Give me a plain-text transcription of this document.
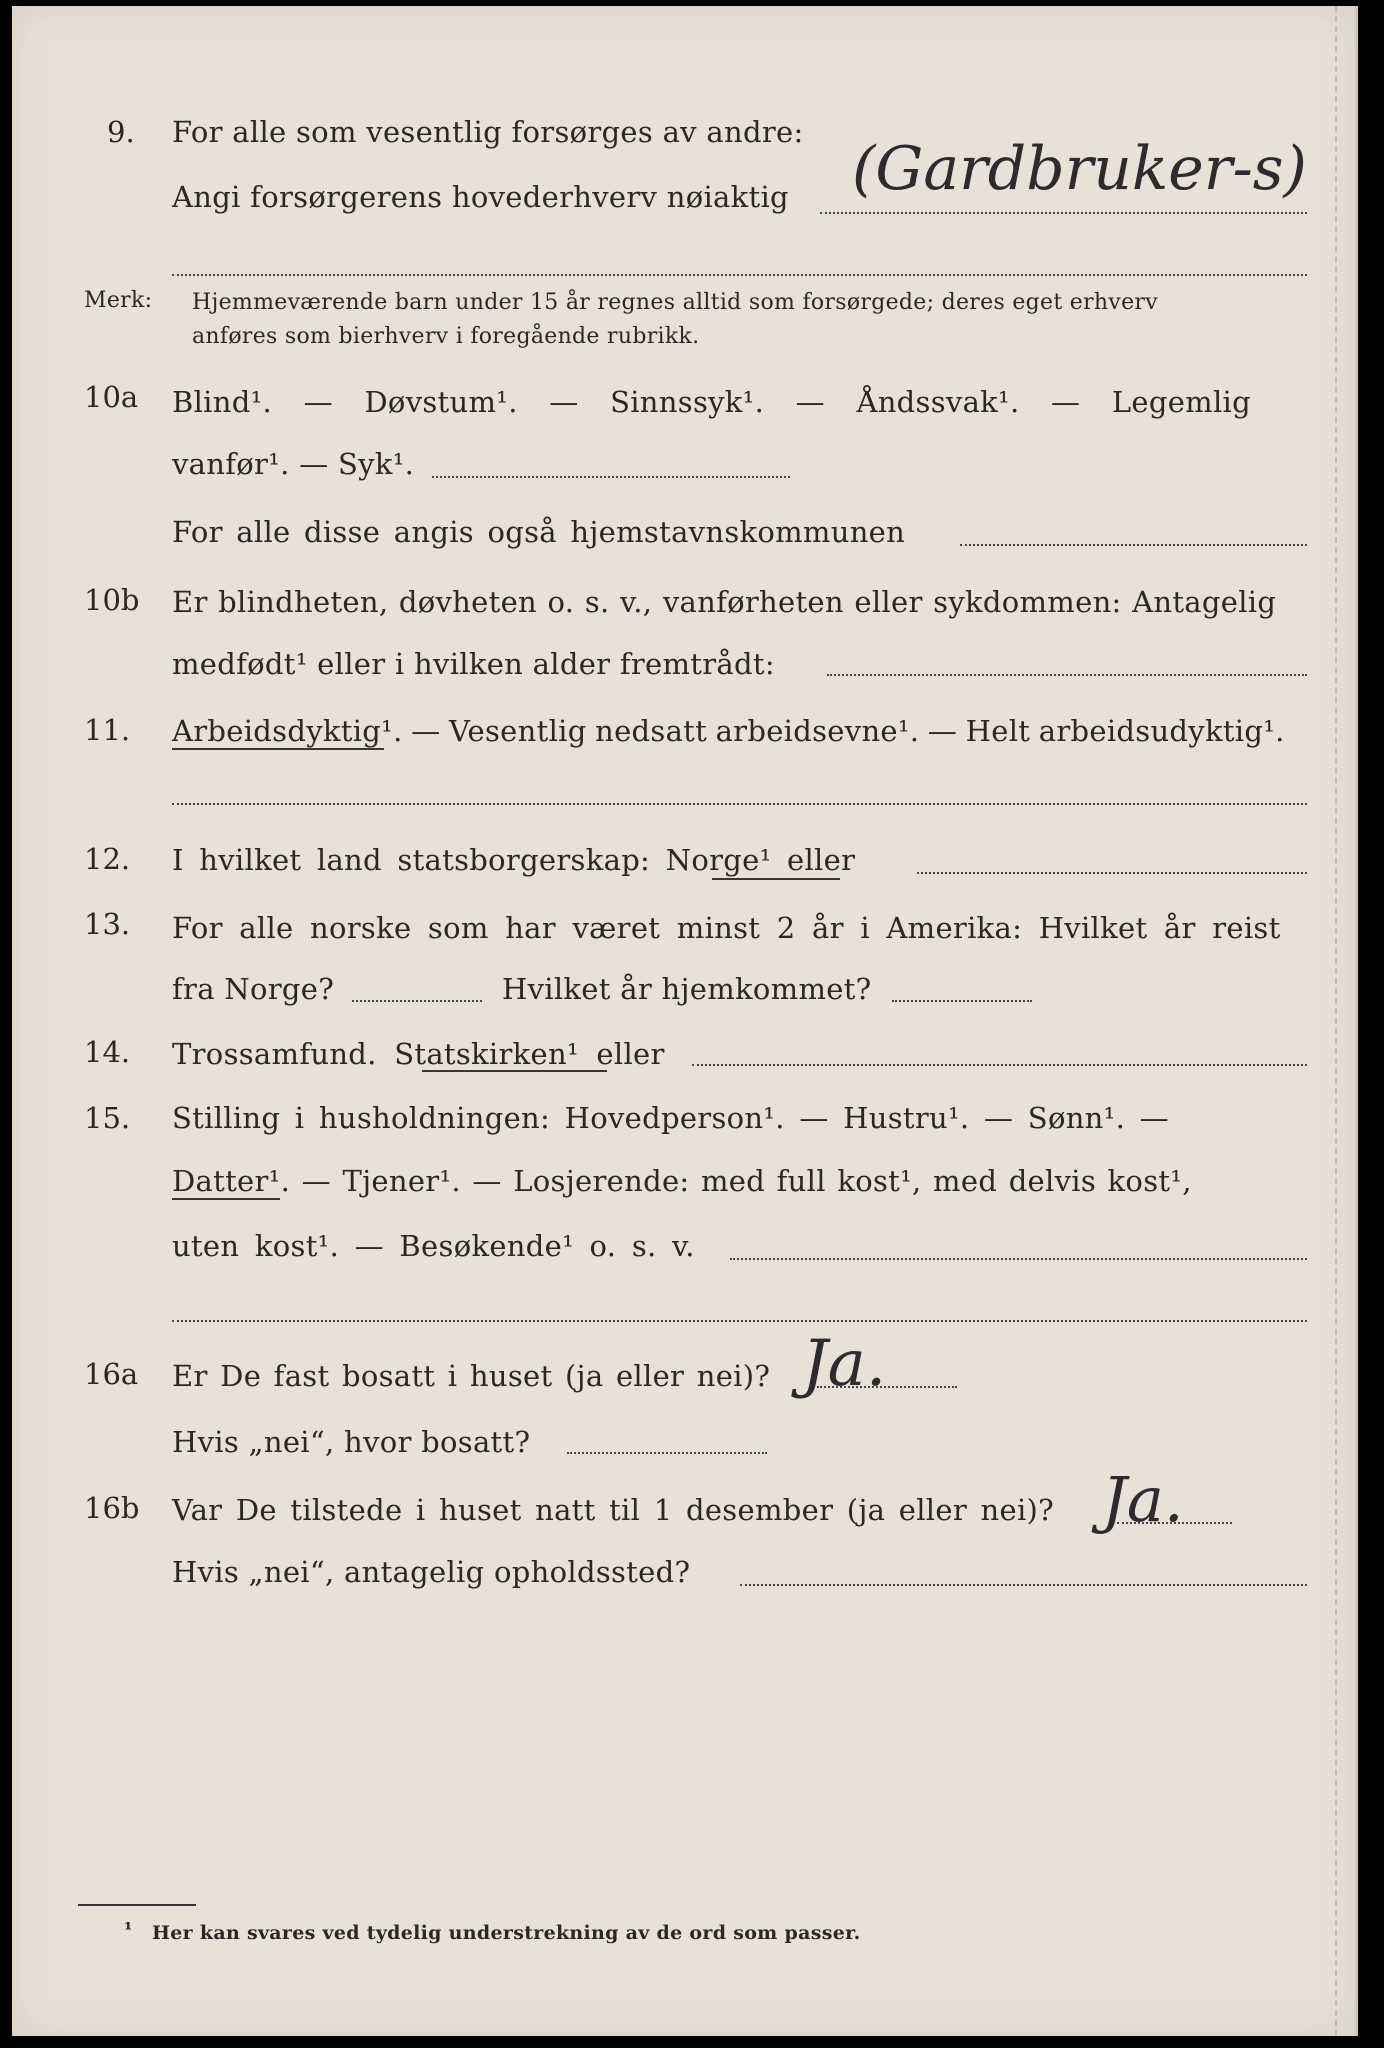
9. For alle som vesentlig forsørges av andre:
Angi forsørgerens hovederhverv nøiaktig (Gardbruker-s)
Merk: Hjemmeværende barn under 15 år regnes alltid som forsørgede; deres eget erhverv
anføres som bierhverv i foregående rubrikk.
10a Blind¹. — Døvstum¹. — Sinnssyk¹. — Åndssvak¹. — Legemlig
vanfør¹. — Syk¹.
For alle disse angis også hjemstavnskommunen
10b Er blindheten, døvheten o. s. v., vanførheten eller sykdommen: Antagelig
medfødt¹ eller i hvilken alder fremtrådt:
11. Arbeidsdyktig¹. — Vesentlig nedsatt arbeidsevne¹. — Helt arbeidsudyktig¹.
12. I hvilket land statsborgerskap: Norge¹ eller
13. For alle norske som har været minst 2 år i Amerika: Hvilket år reist
fra Norge?	Hvilket år hjemkommet?
14. Trossamfund. Statskirken¹ eller
15. Stilling i husholdningen: Hovedperson¹. — Hustru¹. — Sønn¹. —
Datter¹. — Tjener¹. — Losjerende: med full kost¹, med delvis kost¹,
uten kost¹. — Besøkende¹ o. s. v.
16a Er De fast bosatt i huset (ja eller nei)? Ja.
Hvis „nei“, hvor bosatt?
16b Var De tilstede i huset natt til 1 desember (ja eller nei)? Ja.
Hvis „nei“, antagelig opholdssted?
¹ Her kan svares ved tydelig understrekning av de ord som passer.
